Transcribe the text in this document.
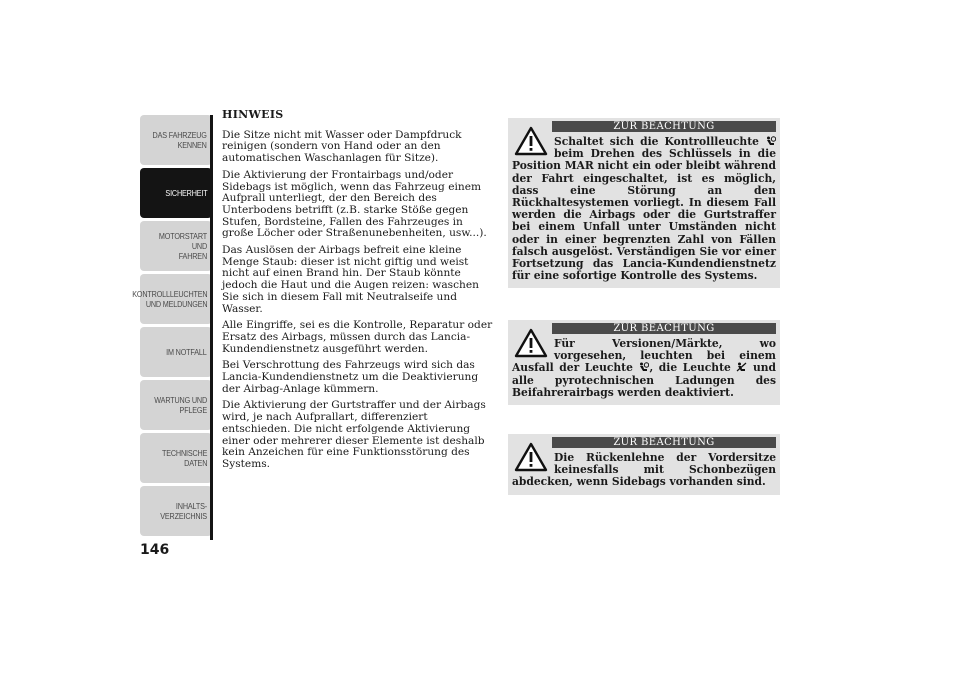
DAS FAHRZEUG
KENNEN
SICHERHEIT
MOTORSTART UND
FAHREN
KONTROLLLEUCHTEN
UND MELDUNGEN
IM NOTFALL
WARTUNG UND
PFLEGE
TECHNISCHE
DATEN
INHALTS-
VERZEICHNIS
146
HINWEIS

Die Sitze nicht mit Wasser oder Dampfdruck reinigen (sondern von Hand oder an den automatischen Waschanlagen für Sitze).

Die Aktivierung der Frontairbags und/oder Sidebags ist möglich, wenn das Fahrzeug einem Aufprall unterliegt, der den Bereich des Unterbodens betrifft (z.B. starke Stöße gegen Stufen, Bordsteine, Fallen des Fahrzeuges in große Löcher oder Straßenunebenheiten, usw...).

Das Auslösen der Airbags befreit eine kleine Menge Staub: dieser ist nicht giftig und weist nicht auf einen Brand hin. Der Staub könnte jedoch die Haut und die Augen reizen: waschen Sie sich in diesem Fall mit Neutralseife und Wasser.

Alle Eingriffe, sei es die Kontrolle, Reparatur oder Ersatz des Airbags, müssen durch das Lancia-Kundendienstnetz ausgeführt werden.

Bei Verschrottung des Fahrzeugs wird sich das Lancia-Kundendienstnetz um die Deaktivierung der Airbag-Anlage kümmern.

Die Aktivierung der Gurtstraffer und der Airbags wird, je nach Aufprallart, differenziert entschieden. Die nicht erfolgende Aktivierung einer oder mehrerer dieser Elemente ist deshalb kein Anzeichen für eine Funktionsstörung des Systems.

ZUR BEACHTUNG
Schaltet sich die Kontrollleuchte  beim Drehen des Schlüssels in die Position MAR nicht ein oder bleibt während der Fahrt eingeschaltet, ist es möglich, dass eine Störung an den Rückhaltesystemen vorliegt. In diesem Fall werden die Airbags oder die Gurtstraffer bei einem Unfall unter Umständen nicht oder in einer begrenzten Zahl von Fällen falsch ausgelöst. Verständigen Sie vor einer Fortsetzung das Lancia-Kundendienstnetz für eine sofortige Kontrolle des Systems.
ZUR BEACHTUNG
Für Versionen/Märkte, wo vorgesehen, leuchten bei einem Ausfall der Leuchte , die Leuchte  und alle pyrotechnischen Ladungen des Beifahrerairbags werden deaktiviert.
ZUR BEACHTUNG
Die Rückenlehne der Vordersitze keinesfalls mit Schonbezügen abdecken, wenn Sidebags vorhanden sind.
